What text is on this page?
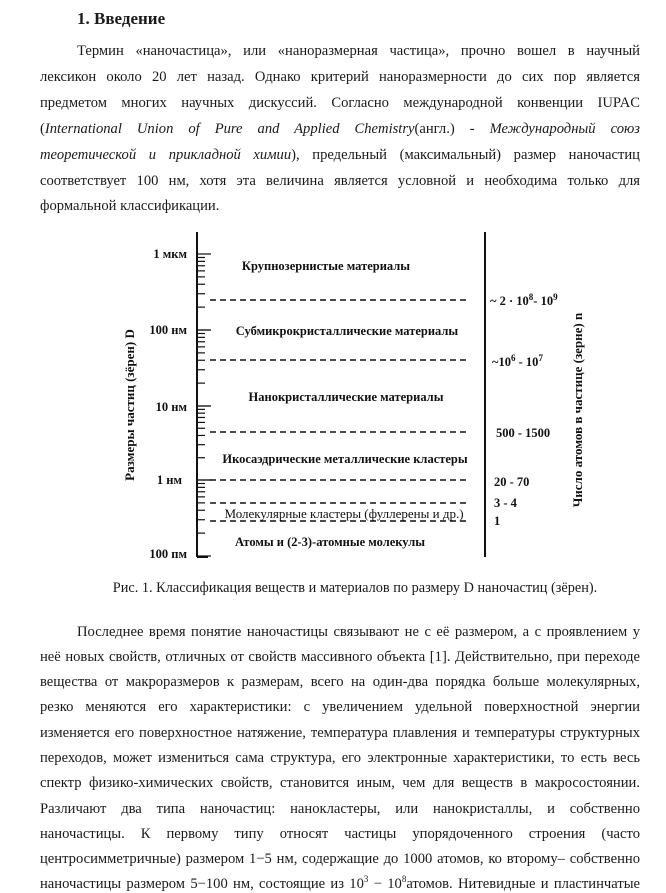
1. Введение
Термин «наночастица», или «наноразмерная частица», прочно вошел в научный
лексикон около 20 лет назад. Однако критерий наноразмерности до сих пор является
предметом многих научных дискуссий. Согласно международной конвенции IUPAC
(International Union of Pure and Applied Chemistry(англ.) - Международный союз
теоретической и прикладной химии), предельный (максимальный) размер наночастиц
соответствует 100 нм, хотя эта величина является условной и необходима только для
формальной классификации.
1 мкм
100 нм
10 нм
1 нм
100 пм
Крупнозернистые материалы
Субмикрокристаллические материалы
Нанокристаллические материалы
Икосаэдрические металлические кластеры
Молекулярные кластеры (фуллерены и др.)
Атомы и (2-3)-атомные молекулы
~ $2 \cdot 10^8-$ $10^9$
$\sim 10^6 - 10^7$
500 - 1500
20 - 70
3 - 4
1
Размеры частиц (зёрен) D	Число атомов в частице (зерне) n
Рис. 1. Классификация веществ и материалов по размеру D наночастиц (зёрен).
Последнее время понятие наночастицы связывают не с её размером, а с проявлением у
неё новых свойств, отличных от свойств массивного объекта [1]. Действительно, при переходе
вещества от макроразмеров к размерам, всего на один-два порядка больше молекулярных,
резко меняются его характеристики: с увеличением удельной поверхностной энергии
изменяется его поверхностное натяжение, температура плавления и температуры структурных
переходов, может измениться сама структура, его электронные характеристики, то есть весь
спектр физико-химических свойств, становится иным, чем для веществ в макросостоянии.
Различают два типа наночастиц: нанокластеры, или нанокристаллы, и собственно
наночастицы. К первому типу относят частицы упорядоченного строения (часто
центросимметричные) размером 1−5 нм, содержащие до 1000 атомов, ко второму– собственно
наночастицы размером 5−100 нм, состоящие из $10^3$ − $10^8атомов$. Нитевидные и пластинчатые
